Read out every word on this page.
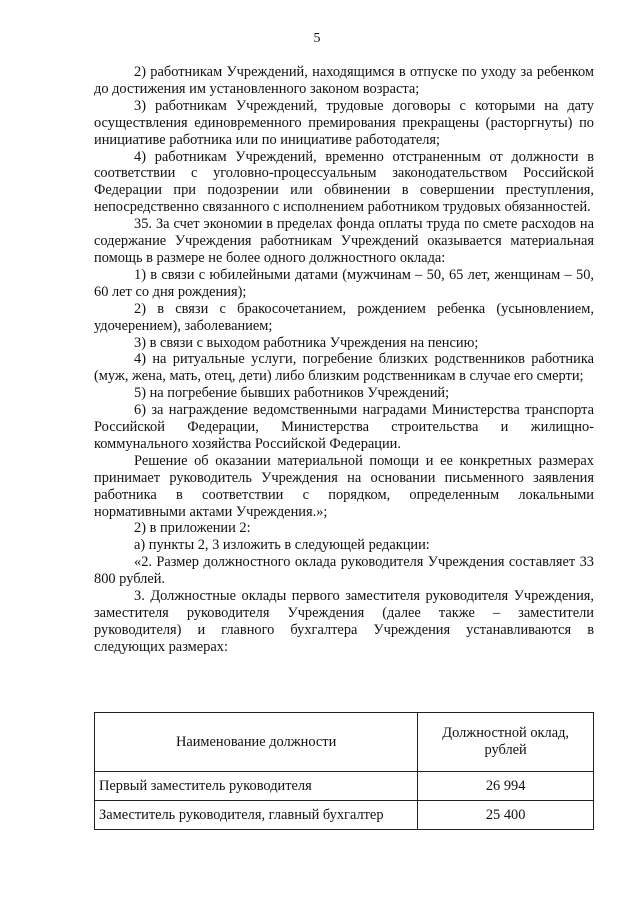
5

2) работникам Учреждений, находящимся в отпуске по уходу за ребенком до достижения им установленного законом возраста;

3) работникам Учреждений, трудовые договоры с которыми на дату осуществления единовременного премирования прекращены (расторгнуты) по инициативе работника или по инициативе работодателя;

4) работникам Учреждений, временно отстраненным от должности в соответствии с уголовно-процессуальным законодательством Российской Федерации при подозрении или обвинении в совершении преступления, непосредственно связанного с исполнением работником трудовых обязанностей.

35. За счет экономии в пределах фонда оплаты труда по смете расходов на содержание Учреждения работникам Учреждений оказывается материальная помощь в размере не более одного должностного оклада:

1) в связи с юбилейными датами (мужчинам – 50, 65 лет, женщинам – 50, 60 лет со дня рождения);

2) в связи с бракосочетанием, рождением ребенка (усыновлением, удочерением), заболеванием;

3) в связи с выходом работника Учреждения на пенсию;

4) на ритуальные услуги, погребение близких родственников работника (муж, жена, мать, отец, дети) либо близким родственникам в случае его смерти;

5) на погребение бывших работников Учреждений;

6) за награждение ведомственными наградами Министерства транспорта Российской Федерации, Министерства строительства и жилищно-коммунального хозяйства Российской Федерации.

Решение об оказании материальной помощи и ее конкретных размерах принимает руководитель Учреждения на основании письменного заявления работника в соответствии с порядком, определенным локальными нормативными актами Учреждения.»;

2) в приложении 2:

а) пункты 2, 3 изложить в следующей редакции:

«2. Размер должностного оклада руководителя Учреждения составляет 33 800 рублей.

3. Должностные оклады первого заместителя руководителя Учреждения, заместителя руководителя Учреждения (далее также – заместители руководителя) и главного бухгалтера Учреждения устанавливаются в следующих размерах:

Наименование должности	Должностной оклад, рублей
Первый заместитель руководителя	26 994
Заместитель руководителя, главный бухгалтер	25 400
